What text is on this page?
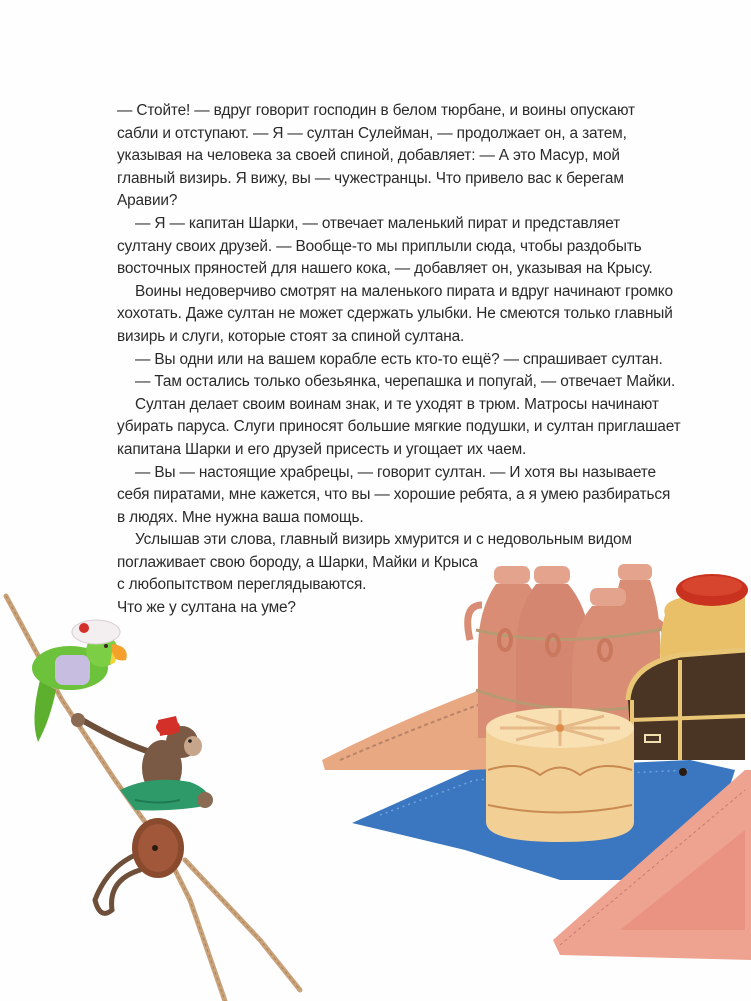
— Стойте! — вдруг говорит господин в белом тюрбане, и воины опускают
сабли и отступают. — Я — султан Сулейман, — продолжает он, а затем,
указывая на человека за своей спиной, добавляет: — А это Масур, мой
главный визирь. Я вижу, вы — чужестранцы. Что привело вас к берегам
Аравии?
— Я — капитан Шарки, — отвечает маленький пират и представляет
султану своих друзей. — Вообще-то мы приплыли сюда, чтобы раздобыть
восточных пряностей для нашего кока, — добавляет он, указывая на Крысу.
Воины недоверчиво смотрят на маленького пирата и вдруг начинают громко
хохотать. Даже султан не может сдержать улыбки. Не смеются только главный
визирь и слуги, которые стоят за спиной султана.
— Вы одни или на вашем корабле есть кто-то ещё? — спрашивает султан.
— Там остались только обезьянка, черепашка и попугай, — отвечает Майки.
Султан делает своим воинам знак, и те уходят в трюм. Матросы начинают
убирать паруса. Слуги приносят большие мягкие подушки, и султан приглашает
капитана Шарки и его друзей присесть и угощает их чаем.
— Вы — настоящие храбрецы, — говорит султан. — И хотя вы называете
себя пиратами, мне кажется, что вы — хорошие ребята, а я умею разбираться
в людях. Мне нужна ваша помощь.
Услышав эти слова, главный визирь хмурится и с недовольным видом
поглаживает свою бороду, а Шарки, Майки и Крыса
с любопытством переглядываются.
Что же у султана на уме?
